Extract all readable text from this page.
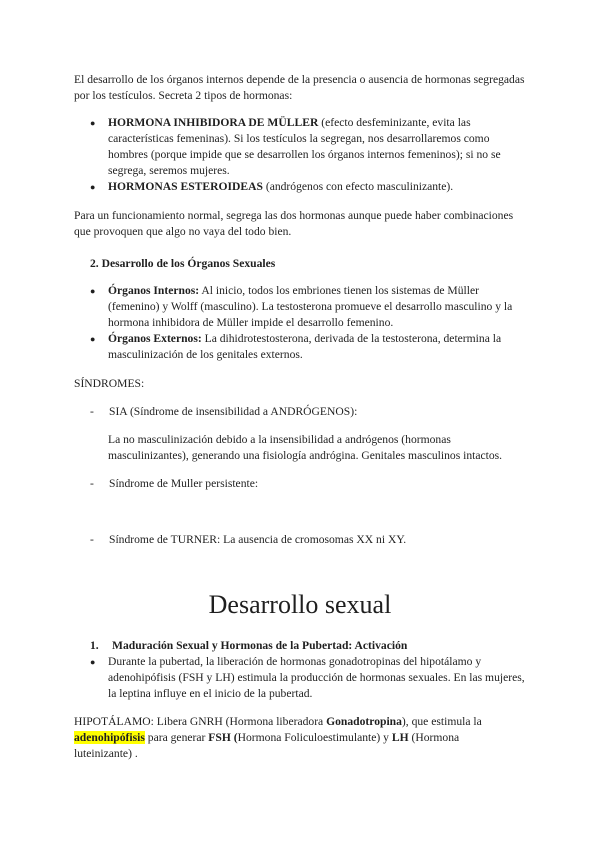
El desarrollo de los órganos internos depende de la presencia o ausencia de hormonas segregadas por los testículos. Secreta 2 tipos de hormonas:

● HORMONA INHIBIDORA DE MÜLLER (efecto desfeminizante, evita las características femeninas). Si los testículos la segregan, nos desarrollaremos como hombres (porque impide que se desarrollen los órganos internos femeninos); si no se segrega, seremos mujeres.
● HORMONAS ESTEROIDEAS (andrógenos con efecto masculinizante).

Para un funcionamiento normal, segrega las dos hormonas aunque puede haber combinaciones que provoquen que algo no vaya del todo bien.

2. Desarrollo de los Órganos Sexuales
● Órganos Internos: Al inicio, todos los embriones tienen los sistemas de Müller (femenino) y Wolff (masculino). La testosterona promueve el desarrollo masculino y la hormona inhibidora de Müller impide el desarrollo femenino.
● Órganos Externos: La dihidrotestosterona, derivada de la testosterona, determina la masculinización de los genitales externos.
SÍNDROMES:
- SIA (Síndrome de insensibilidad a ANDRÓGENOS):

La no masculinización debido a la insensibilidad a andrógenos (hormonas masculinizantes), generando una fisiología andrógina. Genitales masculinos intactos.

- Síndrome de Muller persistente:
- Síndrome de TURNER: La ausencia de cromosomas XX ni XY.
Desarrollo sexual
1. Maduración Sexual y Hormonas de la Pubertad: Activación
● Durante la pubertad, la liberación de hormonas gonadotropinas del hipotálamo y adenohipófisis (FSH y LH) estimula la producción de hormonas sexuales. En las mujeres, la leptina influye en el inicio de la pubertad.

HIPOTÁLAMO: Libera GNRH (Hormona liberadora Gonadotropina), que estimula la adenohipófisis para generar FSH (Hormona Foliculoestimulante) y LH (Hormona luteinizante) .
